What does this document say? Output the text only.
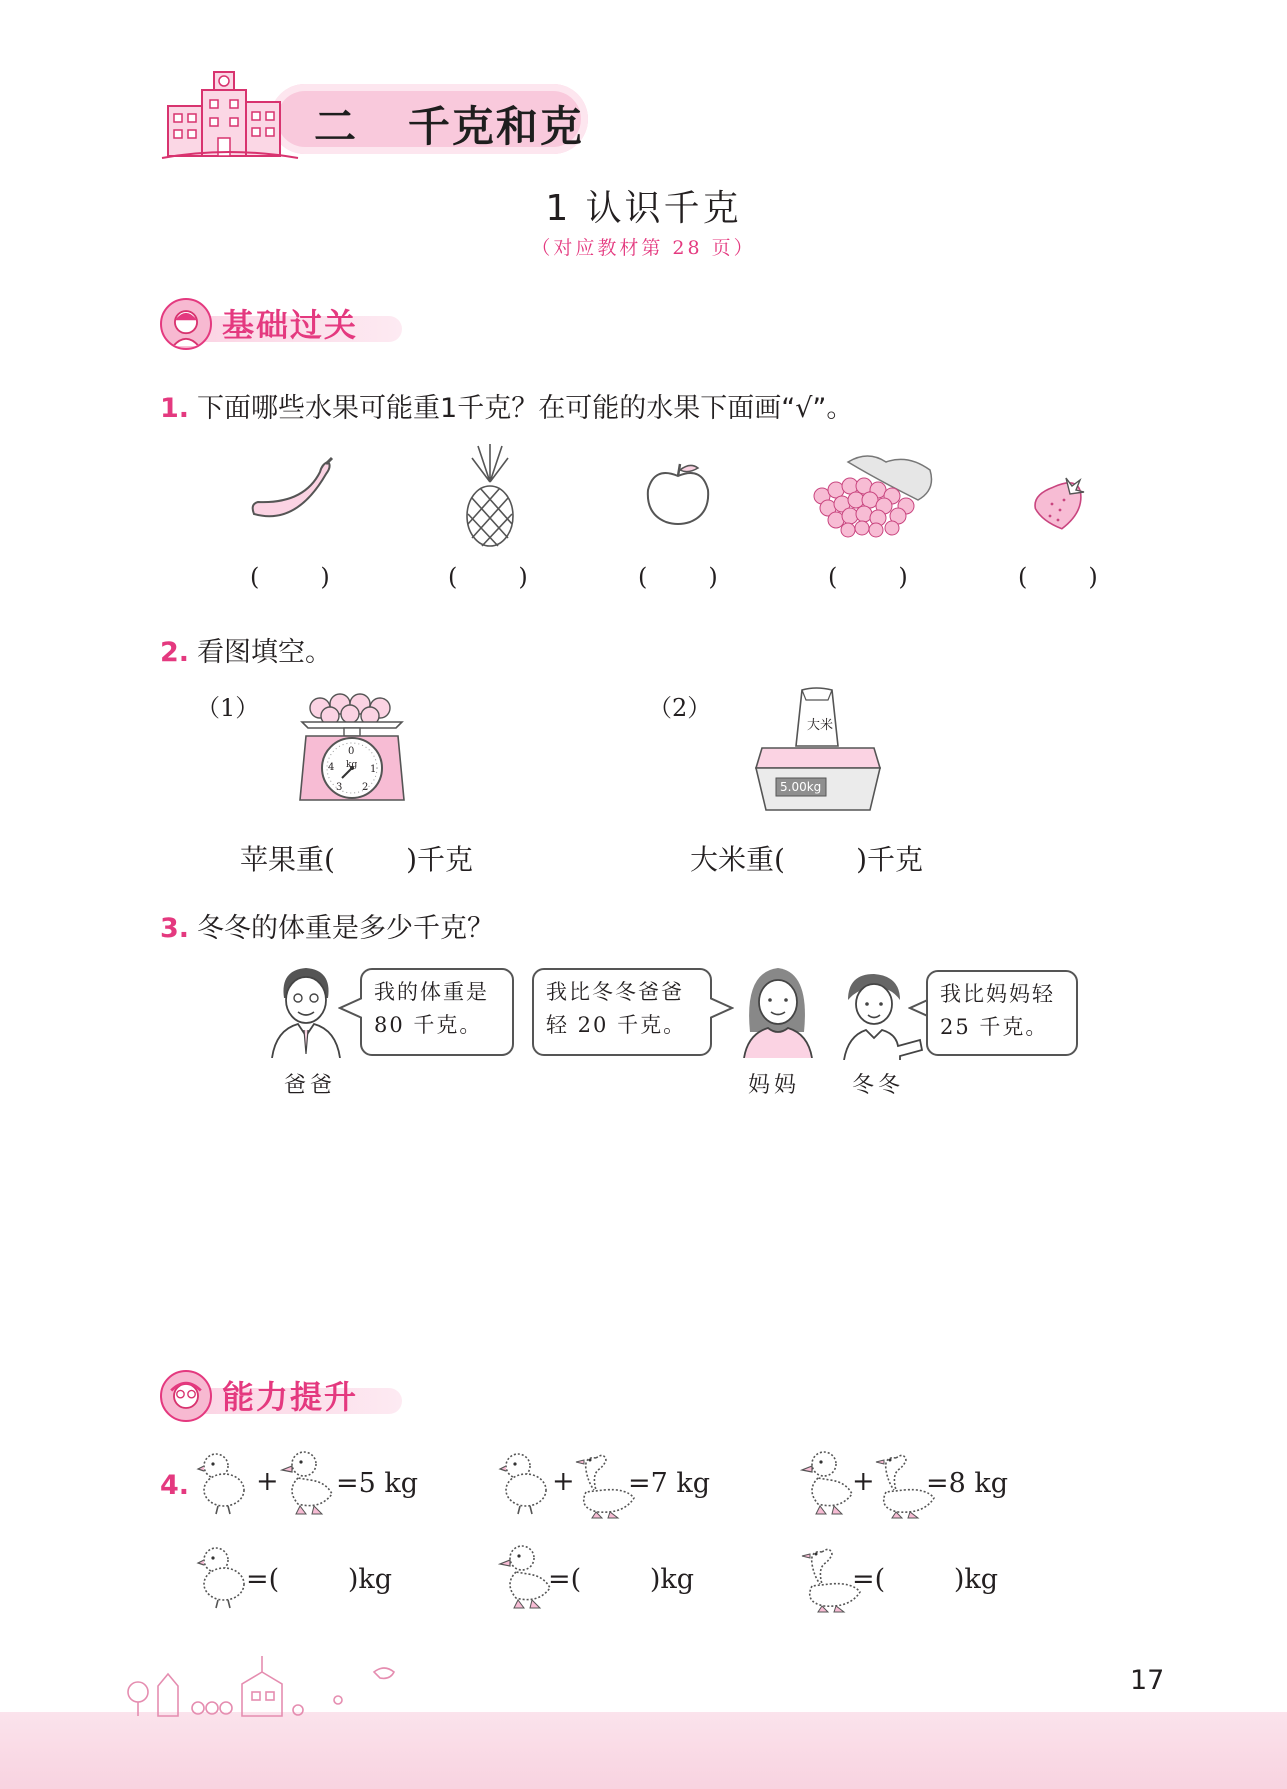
二   千克和克
1 认识千克
（对应教材第 28 页）
基础过关
1. 下面哪些水果可能重1千克？在可能的水果下面画“√”。
(        )	(        )	(        )	(        )	(        )
2. 看图填空。
（1）
0
1
2
3
4 kg
（2）
大米
5.00kg
苹果重(        )千克	大米重(        )千克
3. 冬冬的体重是多少千克？
我的体重是
80 千克。
我比冬冬爸爸
轻 20 千克。
我比妈妈轻
25 千克。
爸爸	妈妈 冬冬
能力提升
4. + =5 kg	+ =7 kg	+ =8 kg
=(        )kg	=(        )kg	=(        )kg
17
